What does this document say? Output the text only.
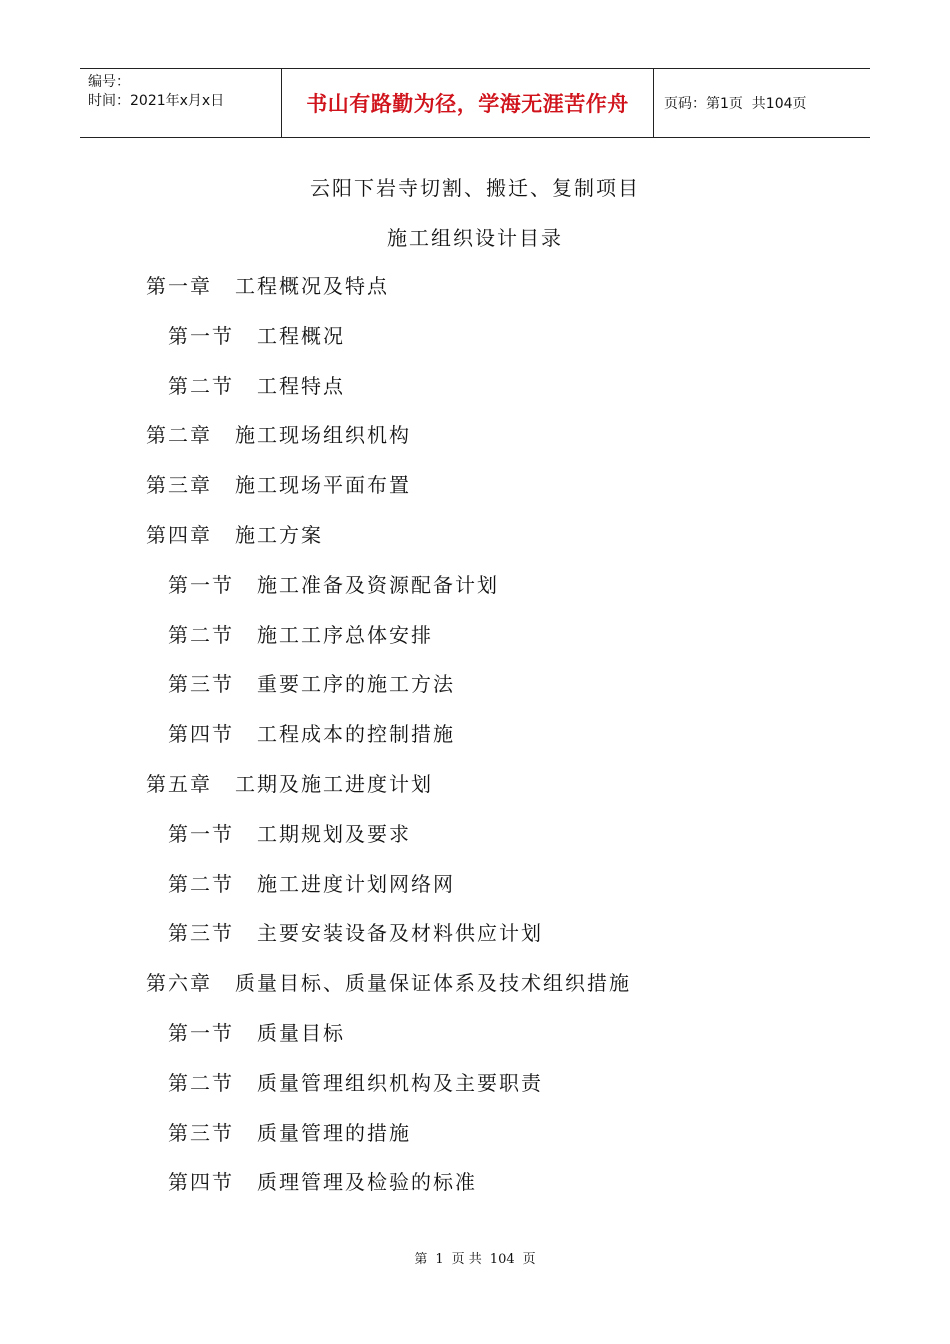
编号：
时间：2021年x月x日	书山有路勤为径，学海无涯苦作舟	页码：第1页  共104页
云阳下岩寺切割、搬迁、复制项目
施工组织设计目录
第一章	工程概况及特点
第一节	工程概况
第二节	工程特点
第二章	施工现场组织机构
第三章	施工现场平面布置
第四章	施工方案
第一节	施工准备及资源配备计划
第二节	施工工序总体安排
第三节	重要工序的施工方法
第四节	工程成本的控制措施
第五章	工期及施工进度计划
第一节	工期规划及要求
第二节	施工进度计划网络网
第三节	主要安装设备及材料供应计划
第六章	质量目标、质量保证体系及技术组织措施
第一节	质量目标
第二节	质量管理组织机构及主要职责
第三节	质量管理的措施
第四节	质理管理及检验的标准
第 1 页 共 104 页
